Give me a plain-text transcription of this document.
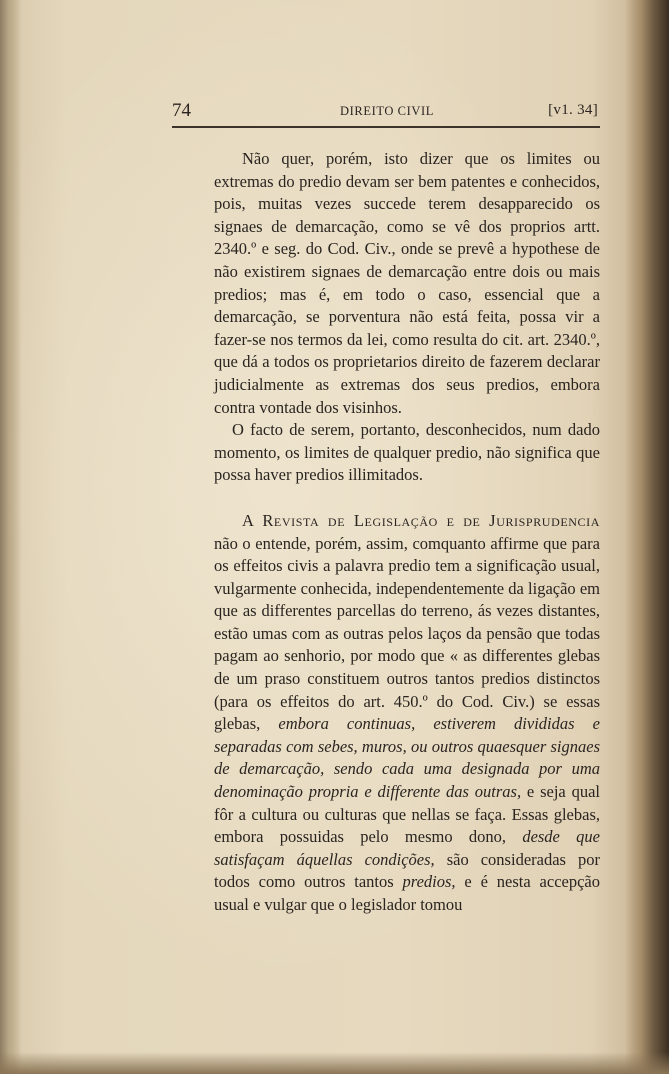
74	DIREITO CIVIL	[v1. 34]

Não quer, porém, isto dizer que os limites ou extremas do predio devam ser bem patentes e conhecidos, pois, muitas vezes succede terem desapparecido os signaes de demarcação, como se vê dos proprios artt. 2340.º e seg. do Cod. Civ., onde se prevê a hypothese de não existirem signaes de demarcação entre dois ou mais predios; mas é, em todo o caso, essencial que a demarcação, se porventura não está feita, possa vir a fazer-se nos termos da lei, como resulta do cit. art. 2340.º, que dá a todos os proprietarios direito de fazerem declarar judicialmente as extremas dos seus predios, embora contra vontade dos visinhos.

O facto de serem, portanto, desconhecidos, num dado momento, os limites de qualquer predio, não significa que possa haver predios illimitados.

A Revista de Legislação e de Jurisprudencia não o entende, porém, assim, comquanto affirme que para os effeitos civis a palavra predio tem a significação usual, vulgarmente conhecida, independentemente da ligação em que as differentes parcellas do terreno, ás vezes distantes, estão umas com as outras pelos laços da pensão que todas pagam ao senhorio, por modo que « as differentes glebas de um praso constituem outros tantos predios distinctos (para os effeitos do art. 450.º do Cod. Civ.) se essas glebas, embora continuas, estiverem divididas e separadas com sebes, muros, ou outros quaesquer signaes de demarcação, sendo cada uma designada por uma denominação propria e differente das outras, e seja qual fôr a cultura ou culturas que nellas se faça. Essas glebas, embora possuidas pelo mesmo dono, desde que satisfaçam áquellas condições, são consideradas por todos como outros tantos predios, e é nesta accepção usual e vulgar que o legislador tomou
